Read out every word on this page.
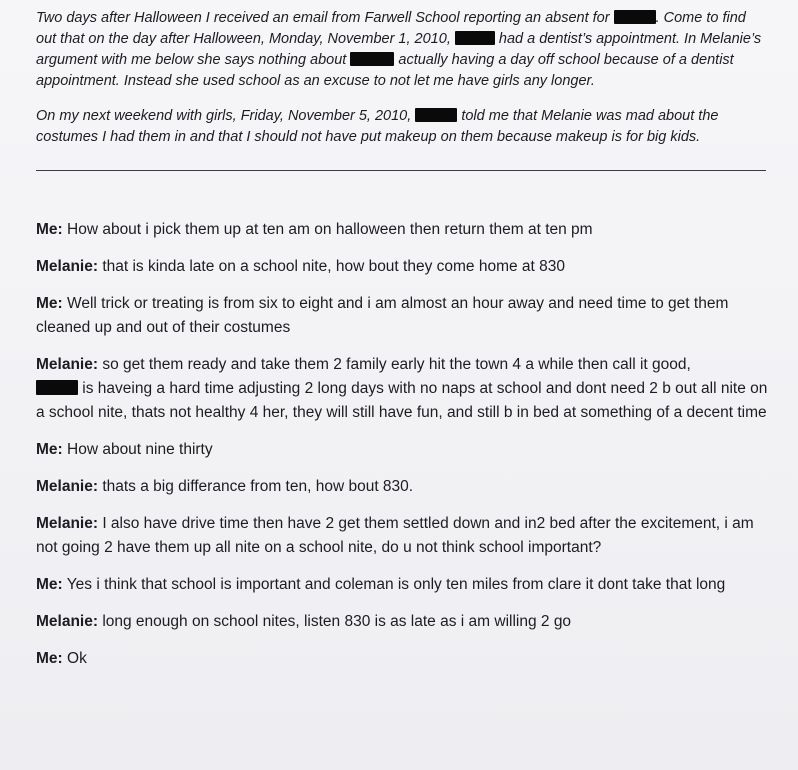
Two days after Halloween I received an email from Farwell School reporting an absent for	. Come to find out that on the day after Halloween, Monday, November 1, 2010,	had a dentist’s appointment. In Melanie’s argument with me below she says nothing about	actually having a day off school because of a dentist appointment. Instead she used school as an excuse to not let me have girls any longer.

On my next weekend with girls, Friday, November 5, 2010,	told me that Melanie was mad about the costumes I had them in and that I should not have put makeup on them because makeup is for big kids.

Me: How about i pick them up at ten am on halloween then return them at ten pm

Melanie: that is kinda late on a school nite, how bout they come home at 830

Me: Well trick or treating is from six to eight and i am almost an hour away and need time to get them cleaned up and out of their costumes

Melanie: so get them ready and take them 2 family early hit the town 4 a while then call it good,
is haveing a hard time adjusting 2 long days with no naps at school and dont need 2 b out all nite on a school nite, thats not healthy 4 her, they will still have fun, and still b in bed at something of a decent time

Me: How about nine thirty

Melanie: thats a big differance from ten, how bout 830.

Melanie: I also have drive time then have 2 get them settled down and in2 bed after the excitement, i am not going 2 have them up all nite on a school nite, do u not think school important?

Me: Yes i think that school is important and coleman is only ten miles from clare it dont take that long

Melanie: long enough on school nites, listen 830 is as late as i am willing 2 go

Me: Ok
